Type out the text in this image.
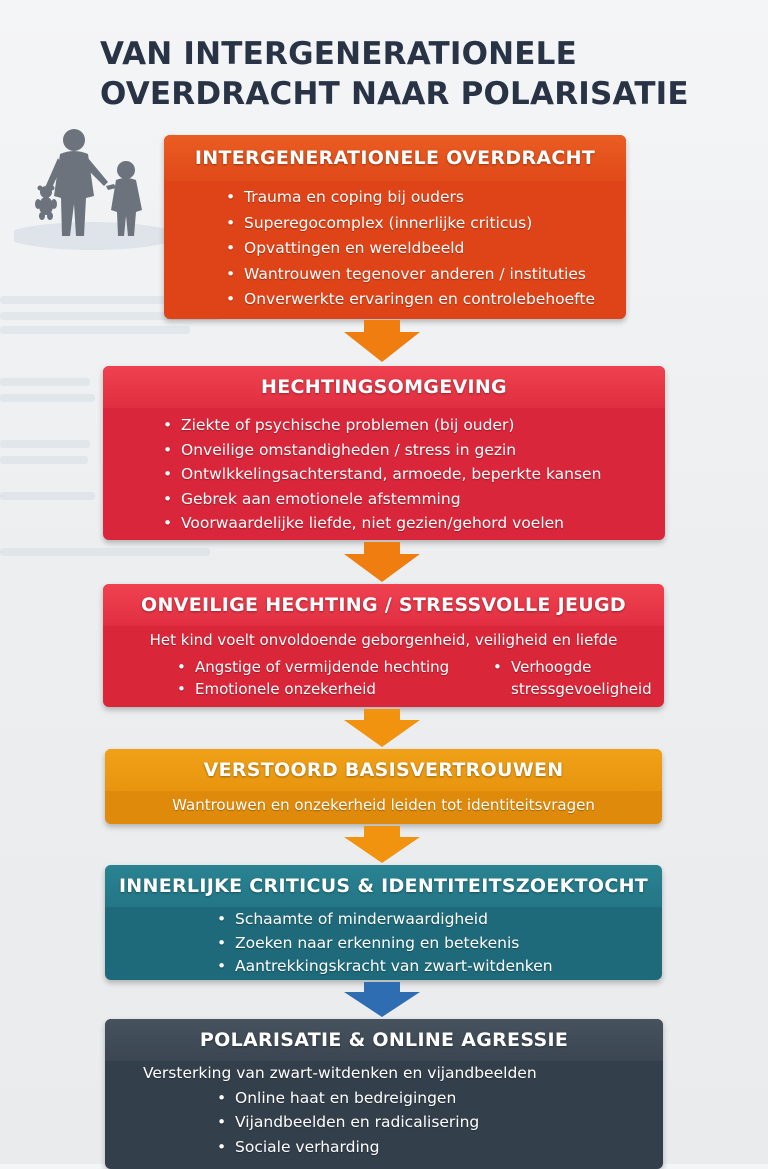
VAN INTERGENERATIONELE
OVERDRACHT NAAR POLARISATIE
INTERGENERATIONELE OVERDRACHT
• Trauma en coping bij ouders
• Superegocomplex (innerlijke criticus)
• Opvattingen en wereldbeeld
• Wantrouwen tegenover anderen / instituties
• Onverwerkte ervaringen en controlebehoefte
HECHTINGSOMGEVING
• Ziekte of psychische problemen (bij ouder)
• Onveilige omstandigheden / stress in gezin
• Ontwlkkelingsachterstand, armoede, beperkte kansen
• Gebrek aan emotionele afstemming
• Voorwaardelijke liefde, niet gezien/gehord voelen
ONVEILIGE HECHTING / STRESSVOLLE JEUGD
Het kind voelt onvoldoende geborgenheid, veiligheid en liefde
• Angstige of vermijdende hechting
• Emotionele onzekerheid
• Verhoogde stressgevoeligheid
VERSTOORD BASISVERTROUWEN
Wantrouwen en onzekerheid leiden tot identiteitsvragen
INNERLIJKE CRITICUS & IDENTITEITSZOEKTOCHT
• Schaamte of minderwaardigheid
• Zoeken naar erkenning en betekenis
• Aantrekkingskracht van zwart-witdenken
POLARISATIE & ONLINE AGRESSIE
Versterking van zwart-witdenken en vijandbeelden
• Online haat en bedreigingen
• Vijandbeelden en radicalisering
• Sociale verharding
